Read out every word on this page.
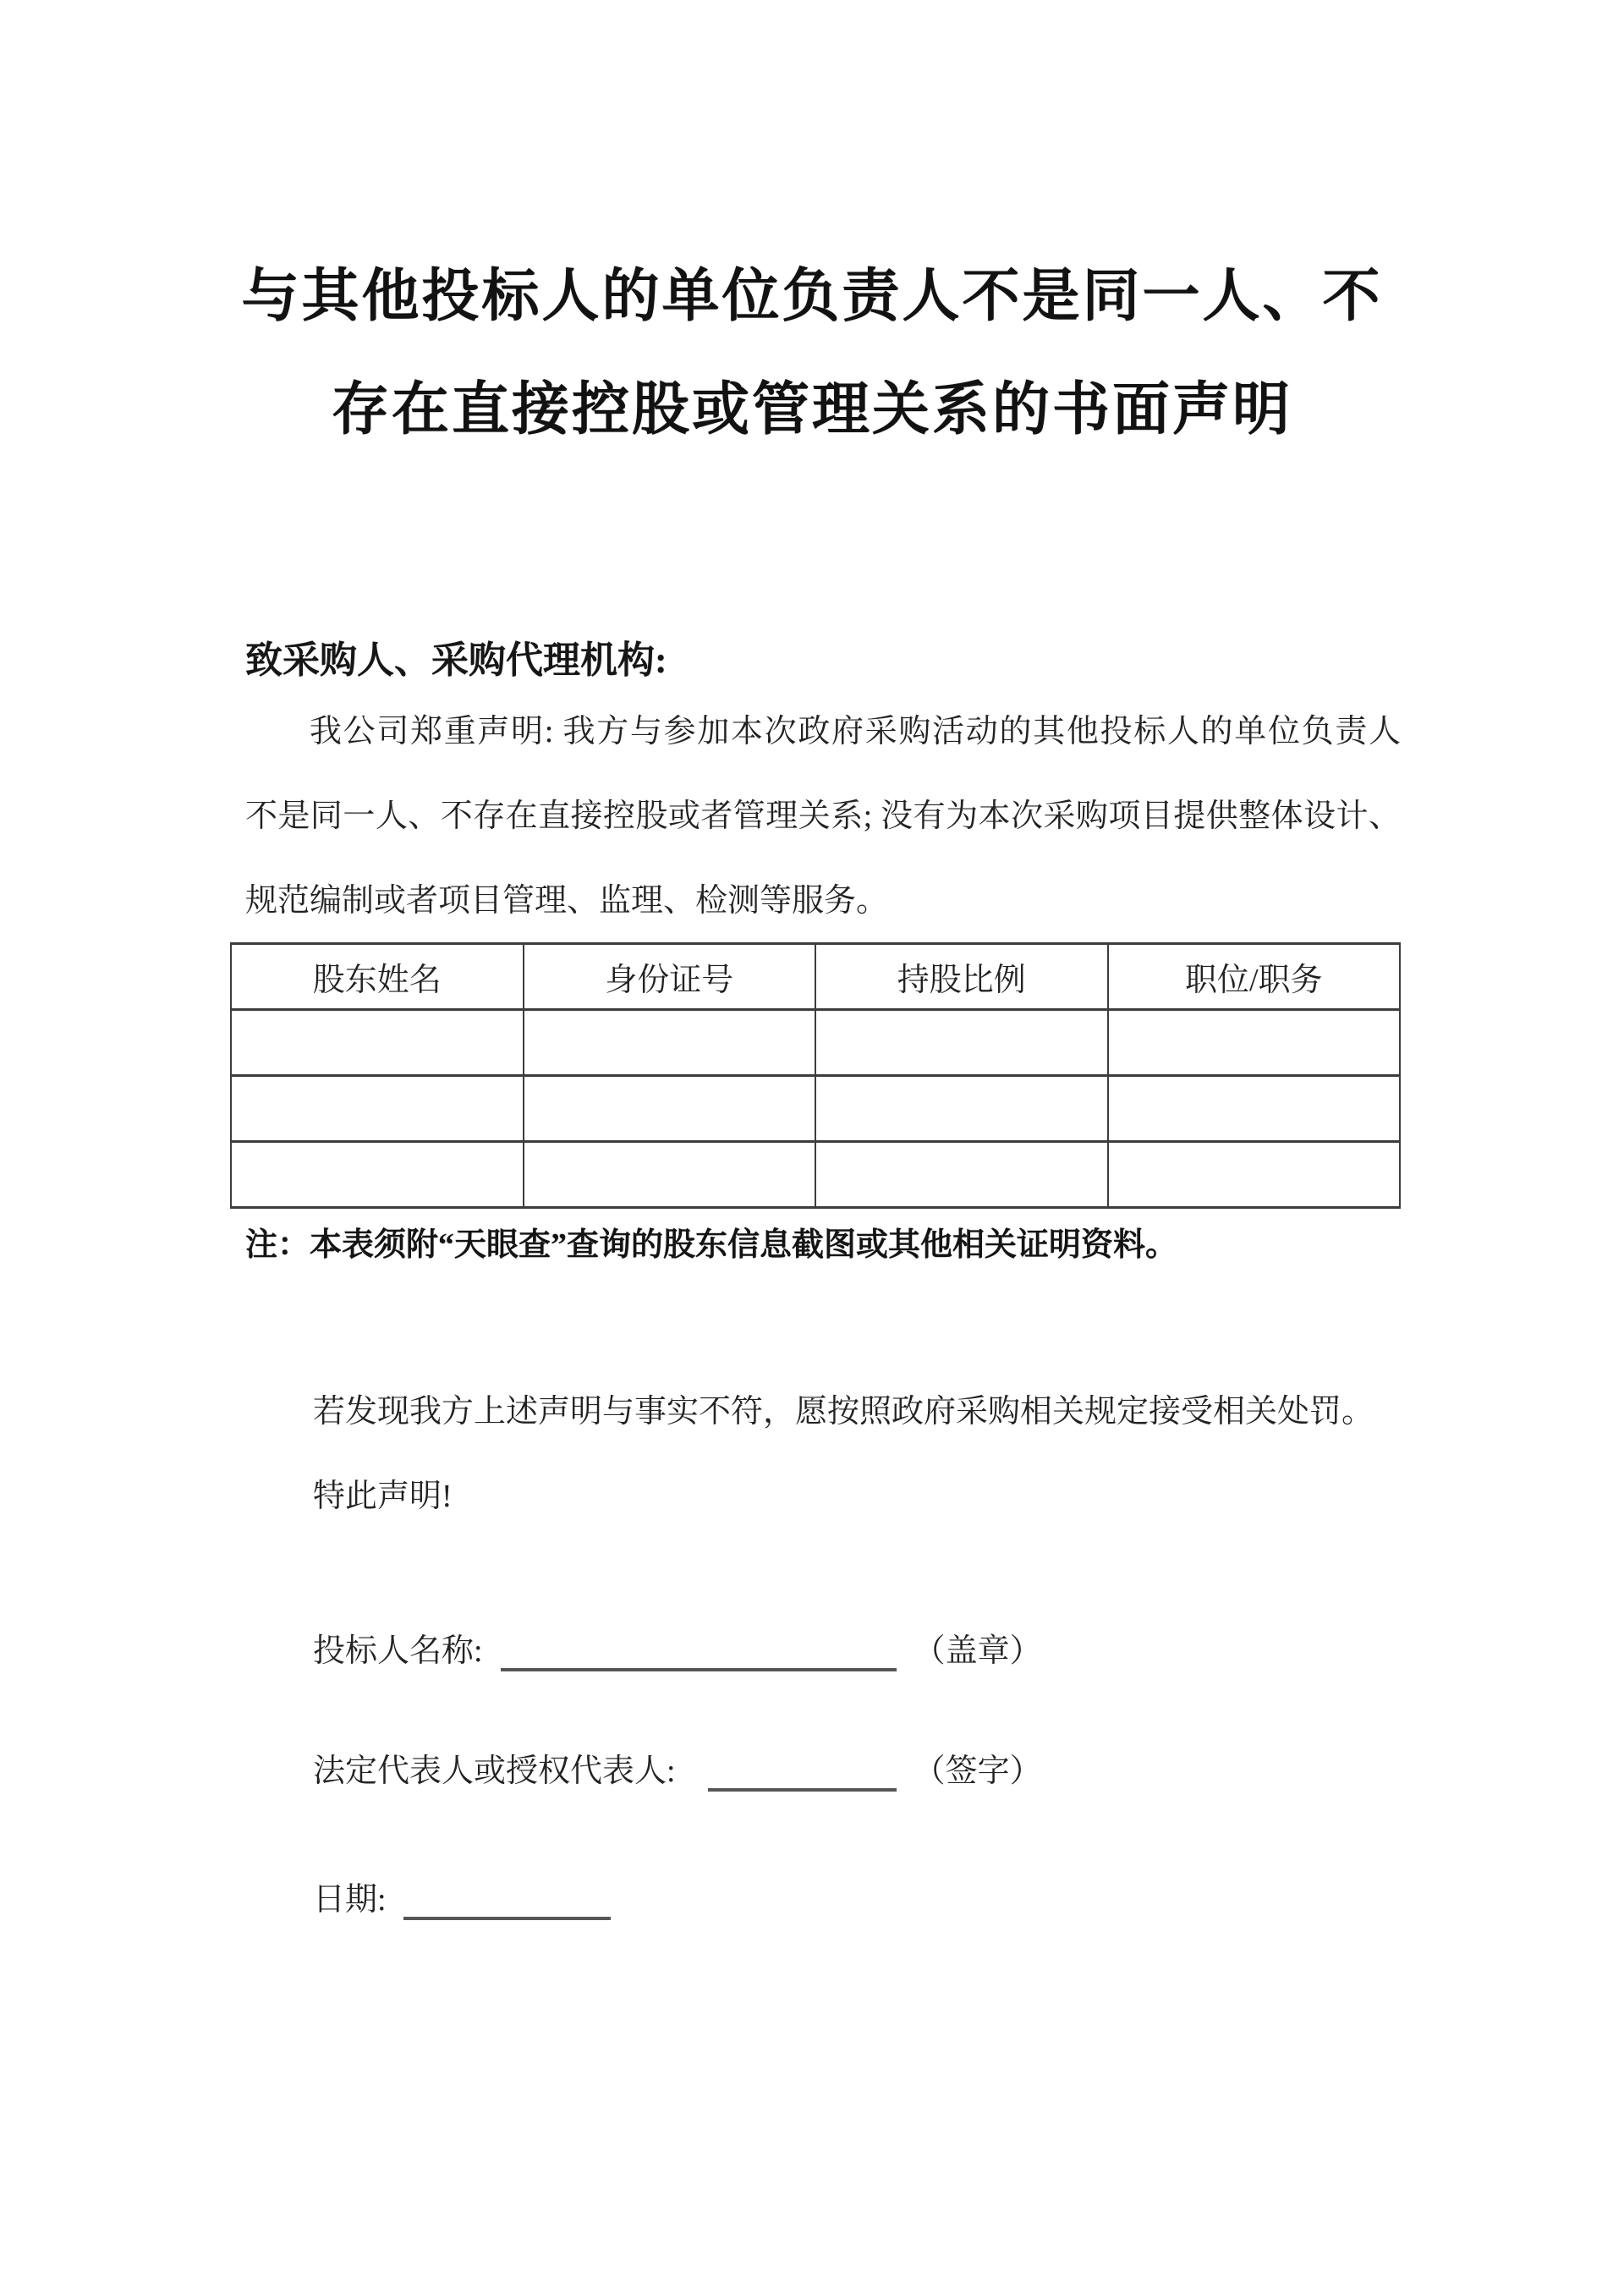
与其他投标人的单位负责人不是同一人、不
存在直接控股或管理关系的书面声明
致采购人、采购代理机构:
我公司郑重声明: 我方与参加本次政府采购活动的其他投标人的单位负责人
不是同一人、不存在直接控股或者管理关系; 没有为本次采购项目提供整体设计、
规范编制或者项目管理、监理、检测等服务。
股东姓名	身份证号	持股比例	职位/职务

注：本表须附“天眼查”查询的股东信息截图或其他相关证明资料。
若发现我方上述声明与事实不符，愿按照政府采购相关规定接受相关处罚。
特此声明!
投标人名称:	（盖章）
法定代表人或授权代表人:	（签字）
日期:
